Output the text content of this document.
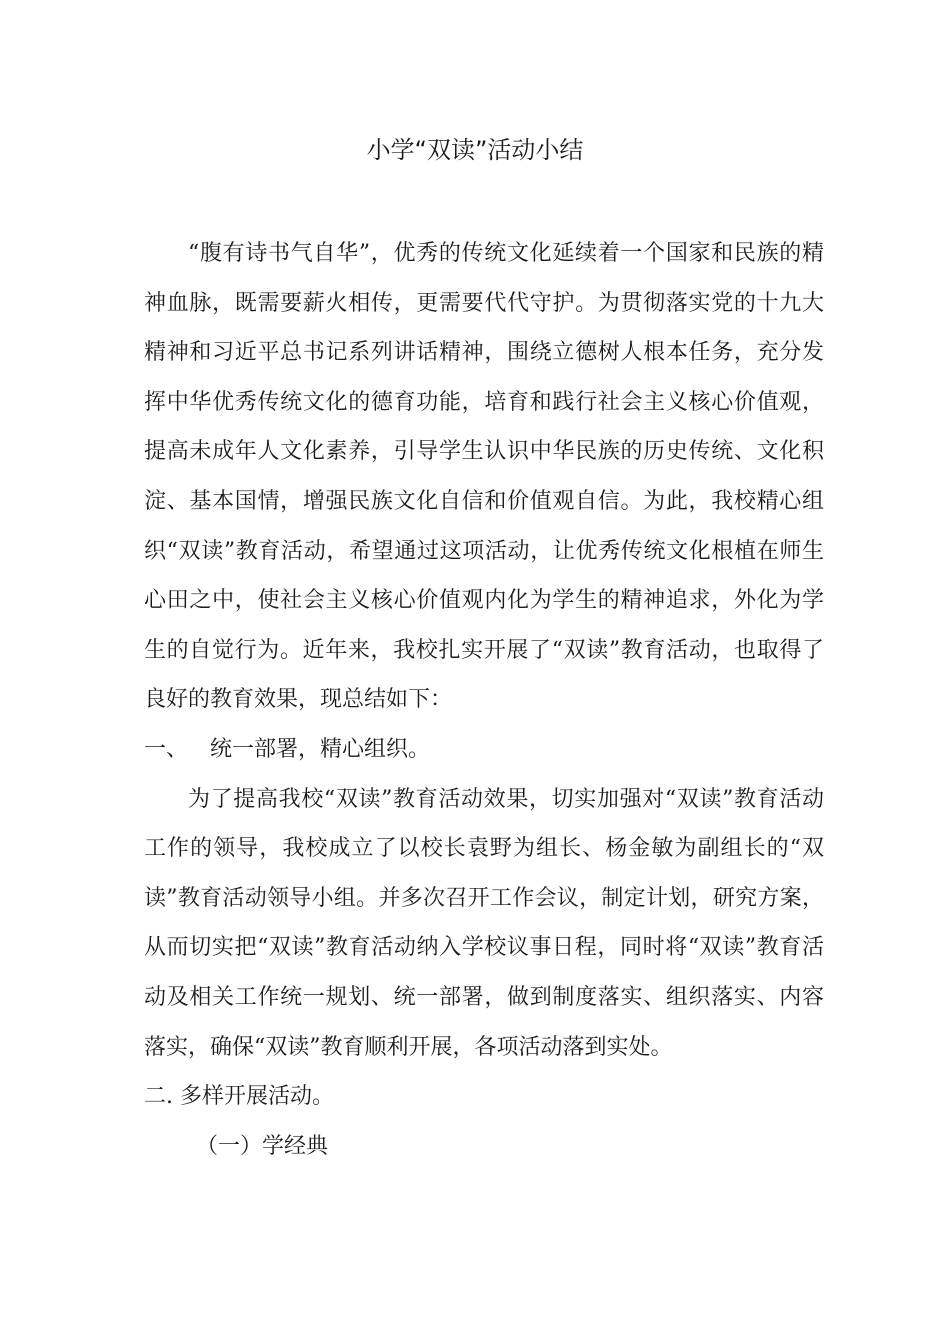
小学“双读”活动小结

“腹有诗书气自华”，优秀的传统文化延续着一个国家和民族的精神血脉，既需要薪火相传，更需要代代守护。为贯彻落实党的十九大精神和习近平总书记系列讲话精神，围绕立德树人根本任务，充分发挥中华优秀传统文化的德育功能，培育和践行社会主义核心价值观，提高未成年人文化素养，引导学生认识中华民族的历史传统、文化积淀、基本国情，增强民族文化自信和价值观自信。为此，我校精心组织“双读”教育活动，希望通过这项活动，让优秀传统文化根植在师生心田之中，使社会主义核心价值观内化为学生的精神追求，外化为学生的自觉行为。近年来，我校扎实开展了“双读”教育活动，也取得了良好的教育效果，现总结如下：

一、 统一部署，精心组织。

为了提高我校“双读”教育活动效果，切实加强对“双读”教育活动工作的领导，我校成立了以校长袁野为组长、杨金敏为副组长的“双读”教育活动领导小组。并多次召开工作会议，制定计划，研究方案，从而切实把“双读”教育活动纳入学校议事日程，同时将“双读”教育活动及相关工作统一规划、统一部署，做到制度落实、组织落实、内容落实，确保“双读”教育顺利开展，各项活动落到实处。

二. 多样开展活动。

（一）学经典
